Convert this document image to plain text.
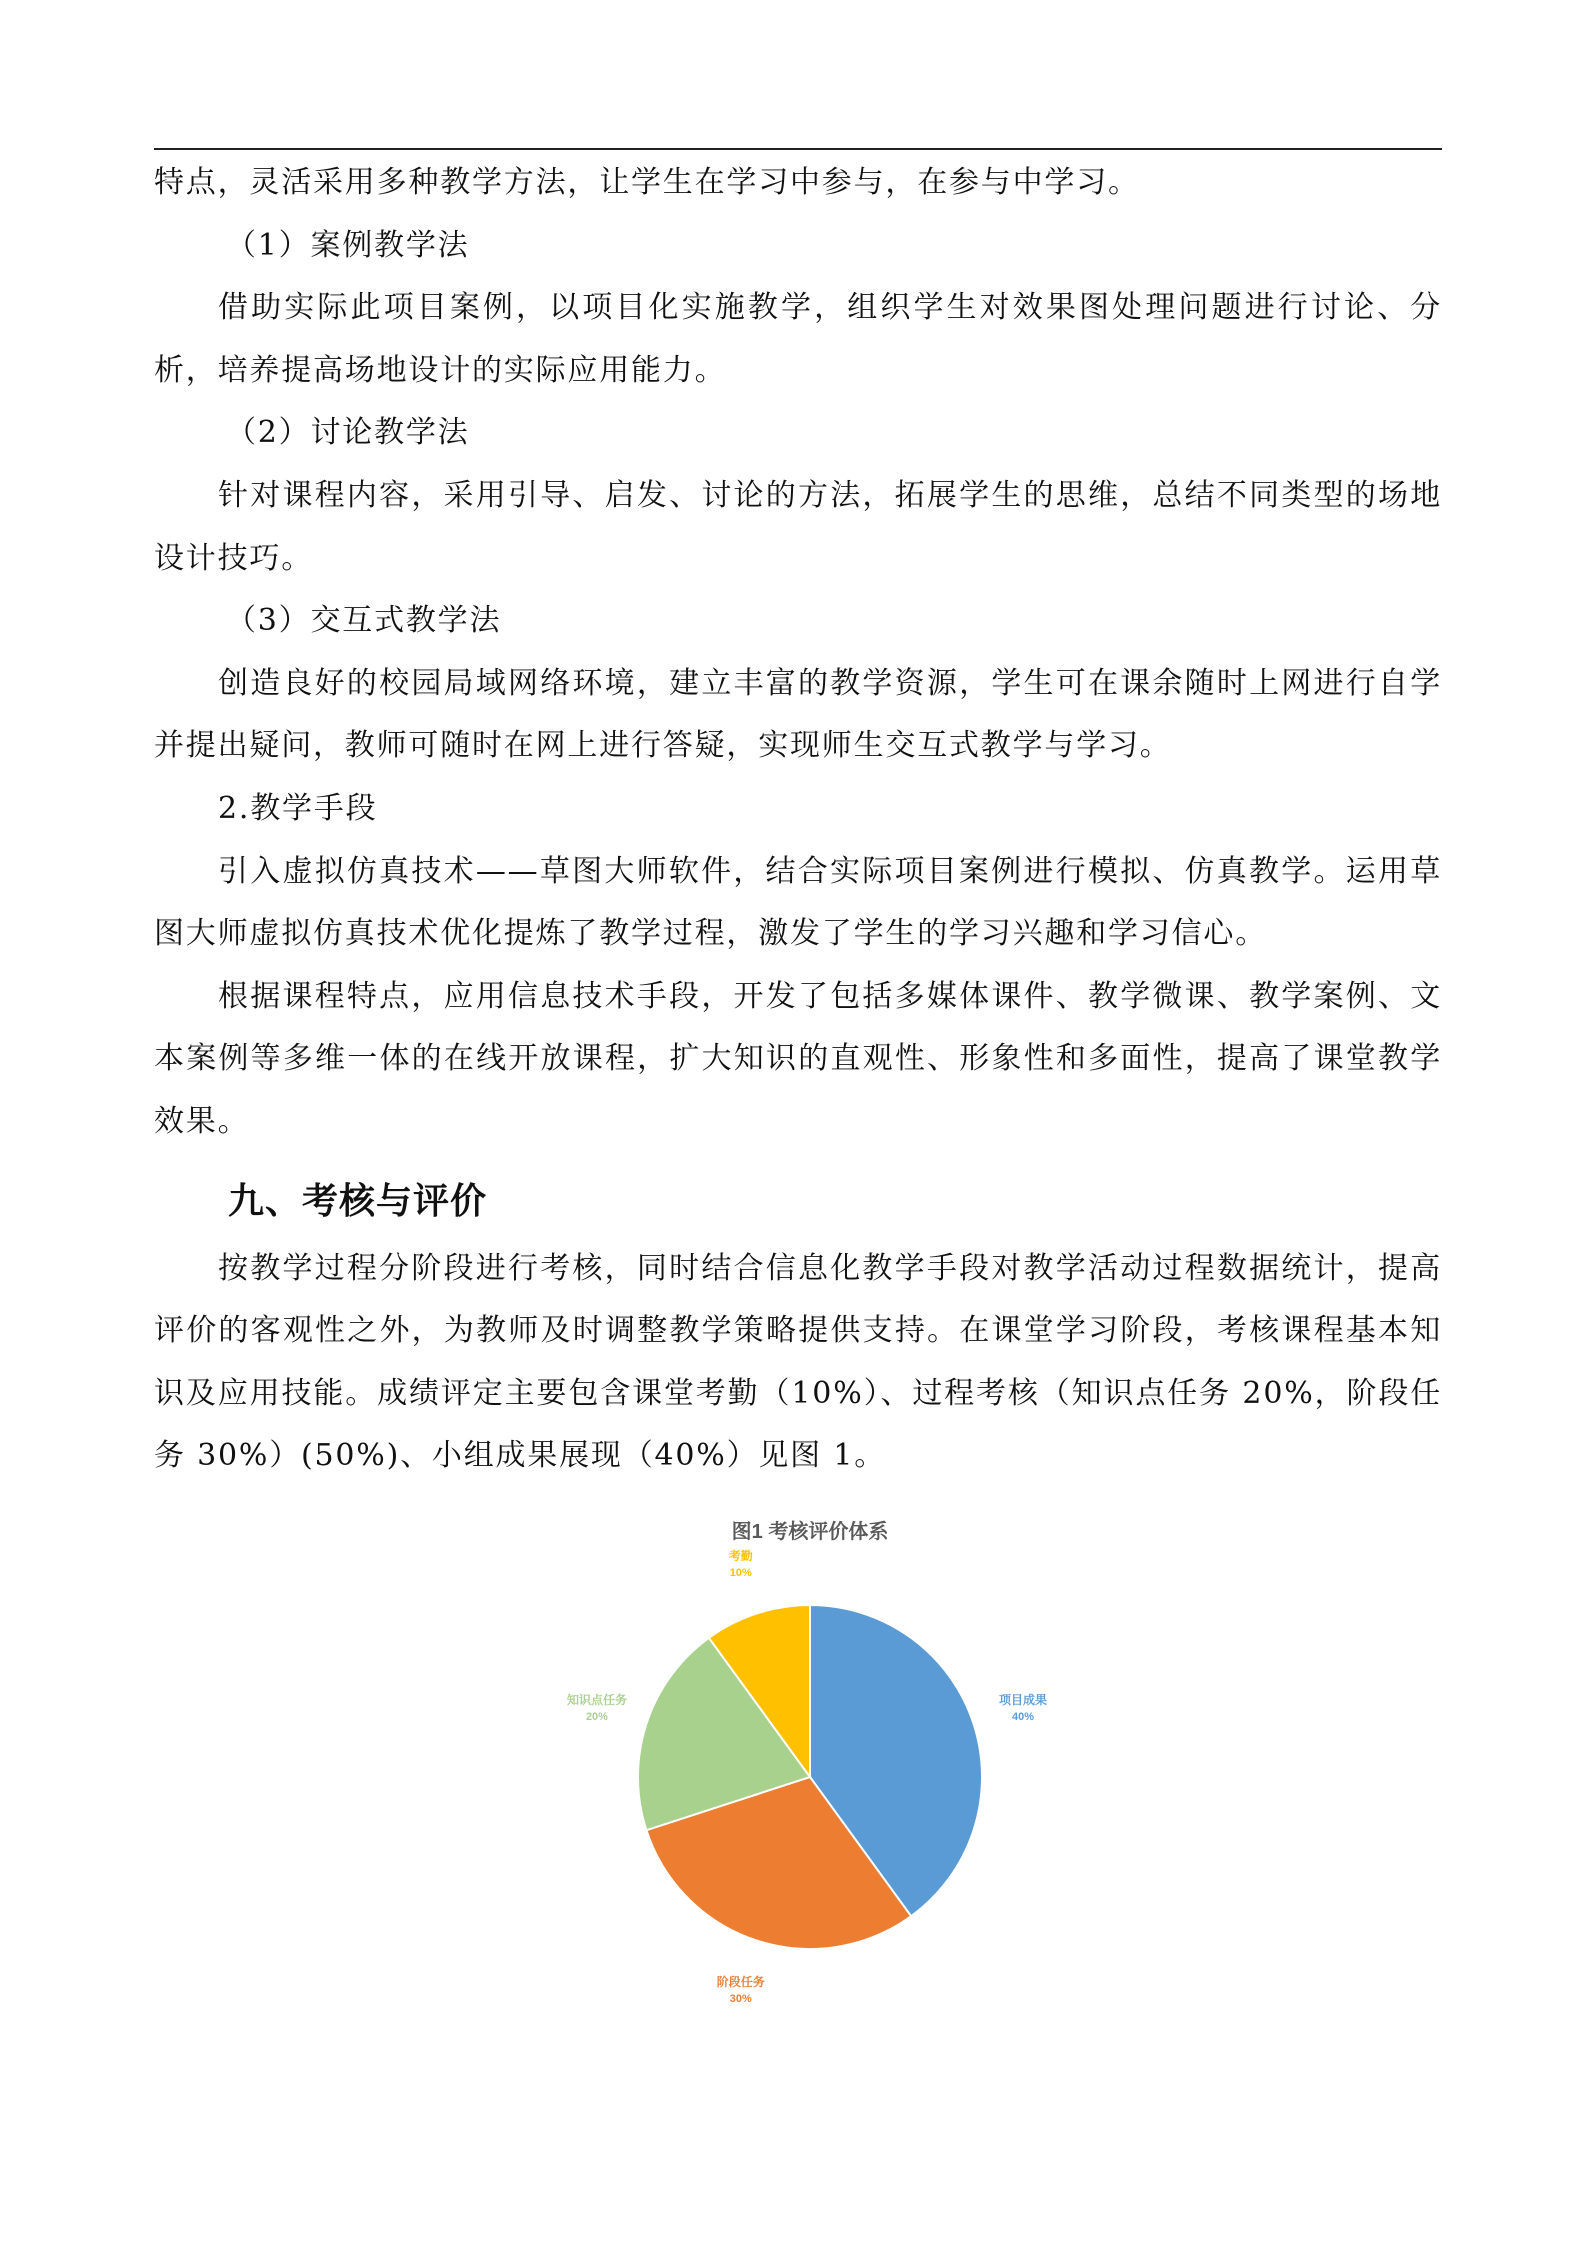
特点，灵活采用多种教学方法，让学生在学习中参与，在参与中学习。

（1）案例教学法

借助实际此项目案例，以项目化实施教学，组织学生对效果图处理问题进行讨论、分析，培养提高场地设计的实际应用能力。

（2）讨论教学法

针对课程内容，采用引导、启发、讨论的方法，拓展学生的思维，总结不同类型的场地设计技巧。

（3）交互式教学法

创造良好的校园局域网络环境，建立丰富的教学资源，学生可在课余随时上网进行自学并提出疑问，教师可随时在网上进行答疑，实现师生交互式教学与学习。

2.教学手段

引入虚拟仿真技术——草图大师软件，结合实际项目案例进行模拟、仿真教学。运用草图大师虚拟仿真技术优化提炼了教学过程，激发了学生的学习兴趣和学习信心。

根据课程特点，应用信息技术手段，开发了包括多媒体课件、教学微课、教学案例、文本案例等多维一体的在线开放课程，扩大知识的直观性、形象性和多面性，提高了课堂教学效果。

九、考核与评价

按教学过程分阶段进行考核，同时结合信息化教学手段对教学活动过程数据统计，提高评价的客观性之外，为教师及时调整教学策略提供支持。在课堂学习阶段，考核课程基本知识及应用技能。成绩评定主要包含课堂考勤（10%）、过程考核（知识点任务 20%，阶段任务 30%）(50%)、小组成果展现（40%）见图 1。

图1 考核评价体系
项目成果
40%
阶段任务
30%
知识点任务
20%
考勤
10%
